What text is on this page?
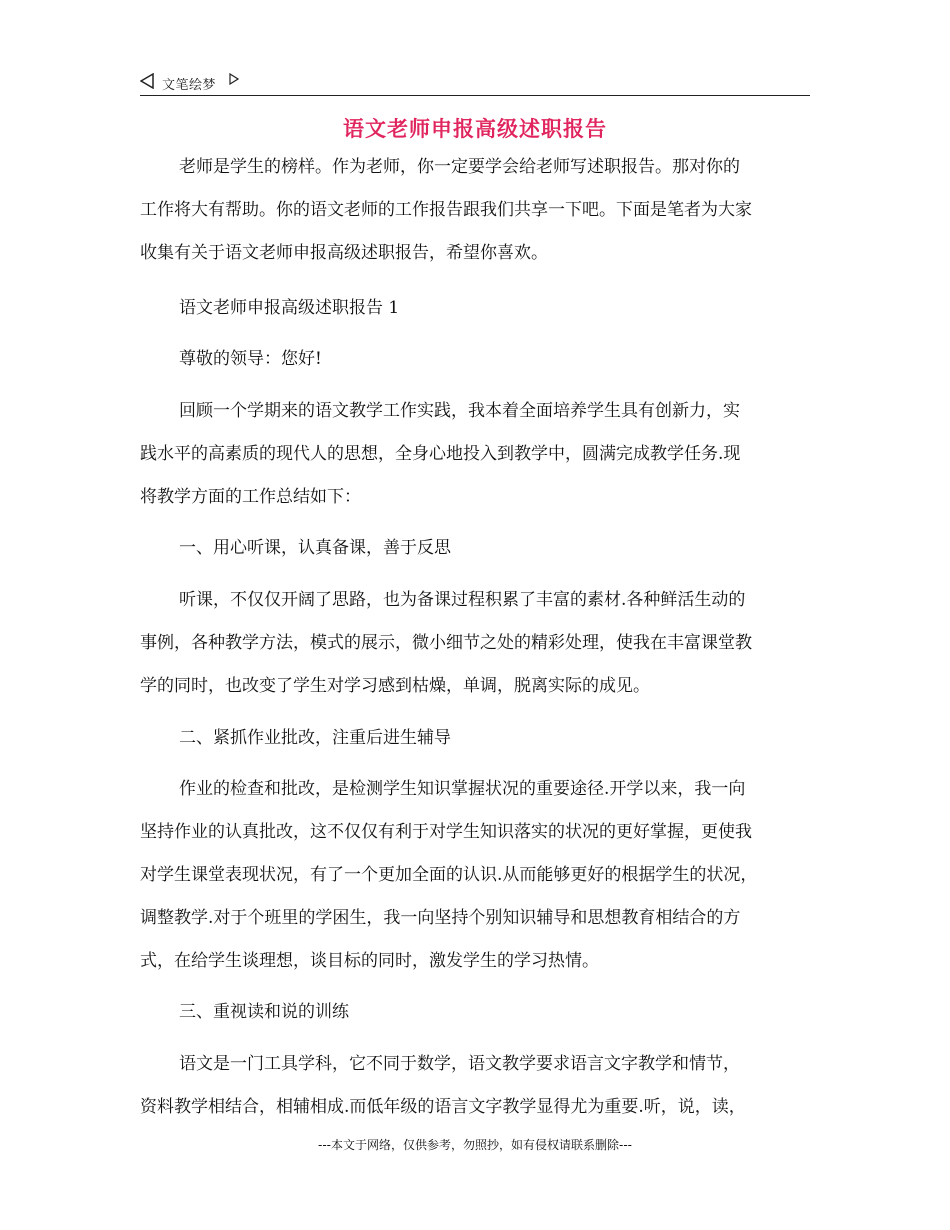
文笔绘梦
语文老师申报高级述职报告

老师是学生的榜样。作为老师，你一定要学会给老师写述职报告。那对你的
工作将大有帮助。你的语文老师的工作报告跟我们共享一下吧。下面是笔者为大家
收集有关于语文老师申报高级述职报告，希望你喜欢。

语文老师申报高级述职报告 1

尊敬的领导：您好!

回顾一个学期来的语文教学工作实践，我本着全面培养学生具有创新力，实
践水平的高素质的现代人的思想，全身心地投入到教学中，圆满完成教学任务.现
将教学方面的工作总结如下：

一、用心听课，认真备课，善于反思

听课，不仅仅开阔了思路，也为备课过程积累了丰富的素材.各种鲜活生动的
事例，各种教学方法，模式的展示，微小细节之处的精彩处理，使我在丰富课堂教
学的同时，也改变了学生对学习感到枯燥，单调，脱离实际的成见。

二、紧抓作业批改，注重后进生辅导

作业的检查和批改，是检测学生知识掌握状况的重要途径.开学以来，我一向
坚持作业的认真批改，这不仅仅有利于对学生知识落实的状况的更好掌握，更使我
对学生课堂表现状况，有了一个更加全面的认识.从而能够更好的根据学生的状况，
调整教学.对于个班里的学困生，我一向坚持个别知识辅导和思想教育相结合的方
式，在给学生谈理想，谈目标的同时，激发学生的学习热情。

三、重视读和说的训练

语文是一门工具学科，它不同于数学，语文教学要求语言文字教学和情节，
资料教学相结合，相辅相成.而低年级的语言文字教学显得尤为重要.听，说，读，

---本文于网络，仅供参考，勿照抄，如有侵权请联系删除---
